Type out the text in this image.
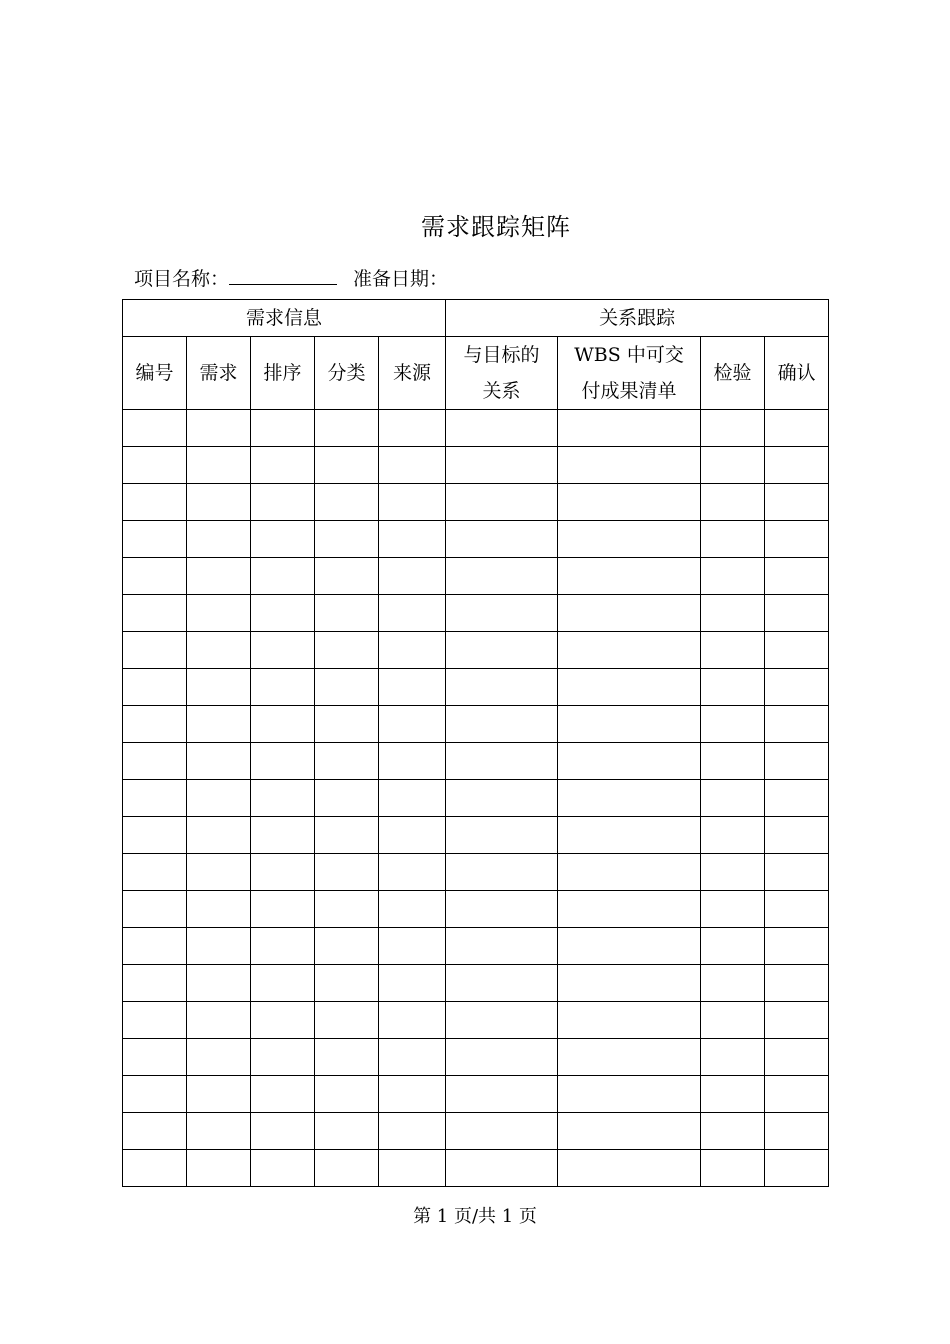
需求跟踪矩阵
项目名称：	准备日期：
需求信息					关系跟踪			
编号	需求	排序	分类	来源	与目标的关系	WBS 中可交付成果清单	检验	确认

第 1 页/共 1 页
